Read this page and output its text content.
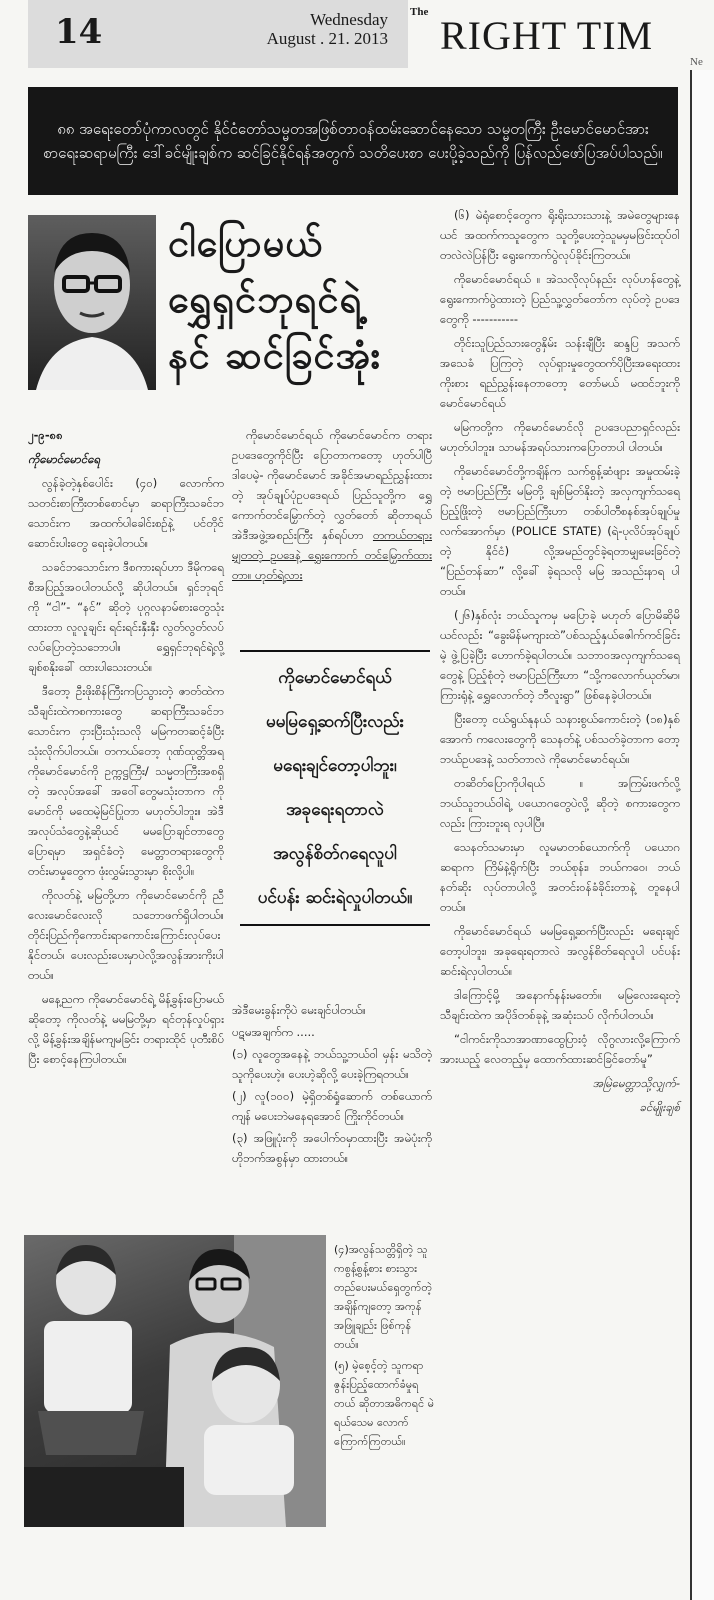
14	Wednesday
August . 21. 2013
The
RIGHT TIM
Ne
၈၈ အရေးတော်ပုံကာလတွင် နိုင်ငံတော်သမ္မတအဖြစ်တာဝန်ထမ်းဆောင်နေသော သမ္မတကြီး ဦးမောင်မောင်အား စာရေးဆရာမကြီး ဒေါ်ခင်မျိုးချစ်က ဆင်ခြင်နိုင်ရန်အတွက် သတိပေးစာ ပေးပို့ခဲ့သည်ကို ပြန်လည်ဖော်ပြအပ်ပါသည်။
ငါပြောမယ်
ရွှေရှင်ဘုရင်ရဲ့
နင် ဆင်ခြင်အုံး

၂-၉-၈၈

ကိုမောင်မောင်ရေ

လွန်ခဲ့တဲ့နှစ်ပေါင်း (၄၀) လောက်က သတင်းစာကြီးတစ်စောင်မှာ ဆရာကြီးသခင်ဘသောင်းက အထက်ပါခေါင်းစဉ်နဲ့ ပင်တိုင်ဆောင်းပါးတွေ ရေးခဲ့ပါတယ်။

သခင်ဘသောင်းက ဒီစကားရပ်ဟာ ဒီမိုကရေစီအပြည့်အဝပါတယ်လို့ ဆိုပါတယ်။ ရှင်ဘုရင်ကို “ငါ”- “နင်” ဆိုတဲ့ ပုဂ္ဂလနာမ်စားတွေသုံးထားတာ လူလူချင်း ရင်းရင်းနှီးနှီး လွတ်လွတ်လပ်လပ်ပြောတဲ့သဘောပါ။ ရွှေရှင်ဘုရင်ရဲ့လို့ ချစ်စနိုးခေါ် ထားပါသေးတယ်။

ဒီတော့ ဦးဖိုးစိန်ကြီးကပြသွားတဲ့ ဇာတ်ထဲက သီချင်းထဲကစကားတွေ ဆရာကြီးသခင်ဘသောင်းက ငှားပြီးသုံးသလို မမြကတဆင့်ခံပြီး သုံးလိုက်ပါတယ်။ တကယ်တော့ ဂုဏ်ထုတ္တိအရ ကိုမောင်မောင်ကို ဥက္ကဋ္ဌကြီး/ သမ္မတကြီးအစရှိတဲ့ အလုပ်အခေါ် အဝေါ်တွေမသုံးတာက ကိုမောင်ကို မထေမဲ့မြင်ပြုတာ မဟုတ်ပါဘူး။ အဲဒီအလုပ်သံတွေနဲ့ဆိုယင် မမပြောချင်တာတွေ ပြောရမှာ အရှင်ခံတဲ့ မေတ္တာတရားတွေကိုတင်းမာမှုတွေက ဖုံးလွှမ်းသွားမှာ စိုးလို့ပါ။

ကိုလတ်နဲ့ မမြတို့ဟာ ကိုမောင်မောင်ကို ညီလေးမောင်လေးလို သဘောဖက်ရှိပါတယ်။ တိုင်းပြည်ကိုကောင်းရာကောင်းကြောင်းလုပ်ပေးနိုင်တယ်၊ ပေးလည်းပေးမှာပဲလို့အလွန်အားကိုးပါတယ်။

မနေ့ညက ကိုမောင်မောင်ရဲ့ မိန့်ခွန်းပြောမယ်ဆိုတော့ ကိုလတ်နဲ့ မမမြတို့မှာ ရင်တုန်လှုပ်ရှားလို့ မိန့်ခွန်းအချိန်မကျမခြင်း တရားထိုင် ပုတီးစိပ်ပြီး စောင့်နေကြပါတယ်။

ကိုမောင်မောင်ရယ် ကိုမောင်မောင်က တရားဥပဒေတွေကိုင်ပြီး ပြောတာကတော့ ဟုတ်ပါပြီ ဒါပေမဲ့- ကိုမောင်မောင် အခိုင်အမာရည်ညွှန်းထားတဲ့ အုပ်ချုပ်ပုံဥပဒေရယ် ပြည်သူတို့က ရွှေကောက်တင်မြှောက်တဲ့ လွှတ်တော် ဆိုတာရယ် အဲဒီအဖွဲ့အစည်းကြီး နှစ်ရပ်ဟာ တကယ်တရားမျှတတဲ့ ဥပဒေနဲ့ ရွှေးကောက် တင်မြှောက်ထားတာ။ ဟုတ်ရဲ့လား

ကိုမောင်မောင်ရယ်
မမမြရှေ့ဆက်ပြီးလည်း
မရေးချင်တော့ပါဘူး၊
အခုရေးရတာလဲ
အလွန်စိတ်ဂရေလူပါ
ပင်ပန်း ဆင်းရဲလှုပါတယ်။

အဲဒီမေးခွန်းကိုပဲ မေးချင်ပါတယ်။

ပဋမအချက်က .....

(၁) လူတွေအနေနဲ့ ဘယ်သူ့ဘယ်ဝါ မှန်း မသိတဲ့သူကိုပေးဟဲ့။ ပေးဟဲ့ဆိုလို့ ပေးခဲ့ကြရတယ်။

(၂) လူ(၁၀၀) မဲ့ရှိတစ်ရှုံဆောက် တစ်ယောက်ကျန် မပေးဘဲမနေရအောင် ကြိုးကိုင်တယ်။

(၃) အဖြူပုံးကို အပေါက်ဝမှာထားပြီး အမဲပုံးကို ဟိုဘက်အစွန်မှာ ထားတယ်။

(၄)အလွန်သတ္တိရှိတဲ့ သူကစွန့်စွန့်စား စားသွားတည်ပေးမယ်ရှေတွက်တဲ့ အချိန်ကျတော့ အကုန်အဖြူချည်း ဖြစ်ကုန်တယ်။

(၅) မဲ့စေ့င့်တဲ့ သူကရာဇွန်းပြည့်ထောက်ခံမှုရတယ် ဆိုတာအဓိကရင် မဲရယ်သေမ လောက်ကြောက်ကြတယ်။

(၆) မဲရုံစောင့်တွေက ရိုးရိုးသားသားနဲ့ အမဲတွေများနေယင် အထက်ကသူတွေက သူတို့ပေးတဲ့သူမမှမဖြင်းထုပ်ဝါတလဲလဲပြန်ပြီး ရွေးကောက်ပွဲလုပ်ခိုင်းကြတယ်။

ကိုမောင်မောင်ရယ် ။ အဲသလိုလုပ်နည်း လုပ်ဟန်တွေနဲ့ ရွေးကောက်ပွဲထားတဲ့ ပြည်သူ့လွှတ်တော်က လုပ်တဲ့ ဥပဒေတွေကို -----------

တိုင်းသူပြည်သားတွေနှိမ်း သန်းချီပြီး ဆန္ဒပြ အသက်အသေခံ ပြကြတဲ့ လုပ်ရှားမှုတွေထက်ပိုပြီးအရေးထား ကိုးစား ရည်ညွှန်းနေတာတော့ တော်မယ် မထင်ဘူးကိုမောင်မောင်ရယ်

မမြကတို့က ကိုမောင်မောင်လို ဥပဒေပညာရှင်လည်းမဟုတ်ပါဘူး။ သာမန်အရပ်သားကပြောတာပါ ပါတယ်။

ကိုမောင်မောင်တို့ကချိန်က သက်စွန့်ဆံဖျား အမှုထမ်းခဲ့တဲ့ ဗမာပြည်ကြီး မမြတို့ ချစ်မြတ်နိုးတဲ့ အလှကျက်သရေပြည့်ဖြိုးတဲ့ ဗမာပြည်ကြီးဟာ တစ်ပါတီစနစ်အုပ်ချုပ်မှုလက်အောက်မှာ (POLICE STATE) (ရဲ-ပုလိပ်အုပ်ချုပ်တဲ့ နိုင်ငံ) လို့အမည်တွင်ခဲ့ရတာမျှမေးခြင်တဲ့ “ပြည်တန်ဆာ” လို့ခေါ် ခဲ့ရသလို မမြ အသည်းနာရ ပါတယ်။

(၂၆)နှစ်လုံး ဘယ်သူကမှ မပြောခဲ့ မဟုတ် ပြောမိဆိုမိယင်လည်း “ခွေးမိန်မကျားထဲ”ပစ်သည့်နှယ်ဇေါက်ကင်ခြင်းမဲ့ ဖွဲ့ပြခဲ့ပြီး ဟောက်ခဲ့ရပါတယ်။ သဘာဝအလှကျက်သရေတွေနဲ့ ပြည့်စုံတဲ့ ဗမာပြည်ကြီးဟာ “သို့ကလောက်ယုတ်မာ၊ ကြားရုံနဲ့ ရွှေလောက်တဲ့ ဘီလူးရွာ” ဖြစ်နေခဲ့ပါတယ်။

ပြီးတော့ ငယ်ရွယ်နုနယ် သနားစွယ်ကောင်းတဲ့ (၁၈)နှစ်အောက် ကလေးတွေကို သေနတ်နဲ့ ပစ်သတ်ခဲ့တာက တော့ ဘယ်ဥပဒေနဲ့ သတ်တာလဲ ကိုမောင်မောင်ရယ်။

တဆိတ်ပြောကိုပါရယ် ။ အကြမ်းဖက်လို့ ဘယ်သူဘယ်ဝါရဲ့ ပယောဂတွေပဲလို့ ဆိုတဲ့ စကားတွေကလည်း ကြားဘူးရ လှပါပြီ။

သေနတ်သမားမှာ လူမမာတစ်ယောက်ကို ပယောဂဆရာက ကြိမ်နဲ့ရိုက်ပြီး ဘယ်စုန်း၊ ဘယ်ကဝေ၊ ဘယ်နတ်ဆိုး လုပ်တာပါလို့ အတင်းဝန်ခံခိုင်းတာနဲ့ တူနေပါတယ်။

ကိုမောင်မောင်ရယ် မမမြရှေ့ဆက်ပြီးလည်း မရေးချင်တော့ပါဘူး၊ အခုရေးရတာလဲ အလွန်စိတ်ရေလူပါ ပင်ပန်းဆင်းရဲလှပါတယ်။

ဒါကြောင့်မို့ အနောက်နန်းမတော်။ မမြလေးရေးတဲ့ သီချင်းထဲက အပိုဒ်တစ်ခုနဲ့ အဆုံးသပ် လိုက်ပါတယ်။

“ငါကင်းကိုသာအာဏာထွေပြားဝံ့ လိုဂွလားလို့ကြောက်အားယည့် လေတည့်မှ ထောက်ထားဆင်ခြင်တော်မူ”

အမြဲမေတ္တာသို့လျှက်-

ခင်မျိုးချစ်
